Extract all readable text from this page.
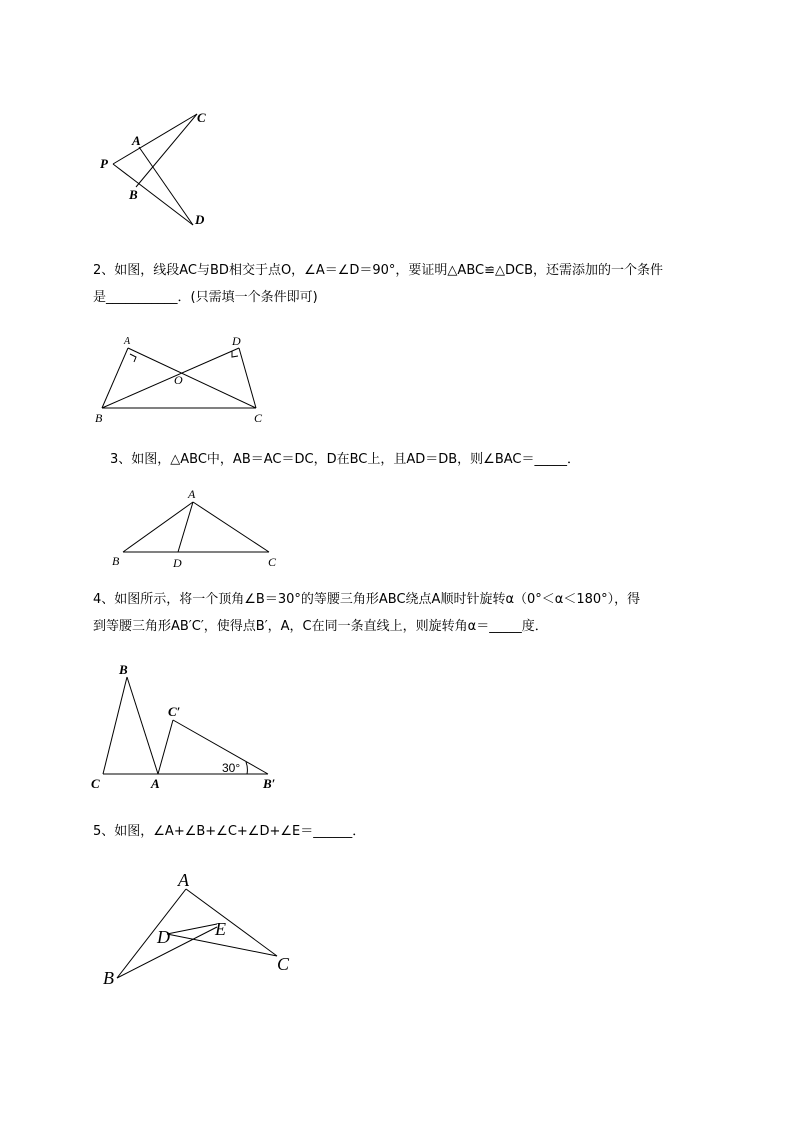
A
B
C
D
P

2、如图，线段AC与BD相交于点O，∠A＝∠D＝90°，要证明△ABC≌△DCB，还需添加的一个条件

是___________．(只需填一个条件即可)

A	D
O
B	C

3、如图，△ABC中，AB＝AC＝DC，D在BC上，且AD＝DB，则∠BAC＝_____．

A
B	D	C

4、如图所示，将一个顶角∠B＝30°的等腰三角形ABC绕点A顺时针旋转α（0°＜α＜180°），得

到等腰三角形AB′C′，使得点B′，A，C在同一条直线上，则旋转角α＝_____度．

B
C′
30°
C	A	B′

5、如图，∠A+∠B+∠C+∠D+∠E＝______．

A
D	E
B
C
